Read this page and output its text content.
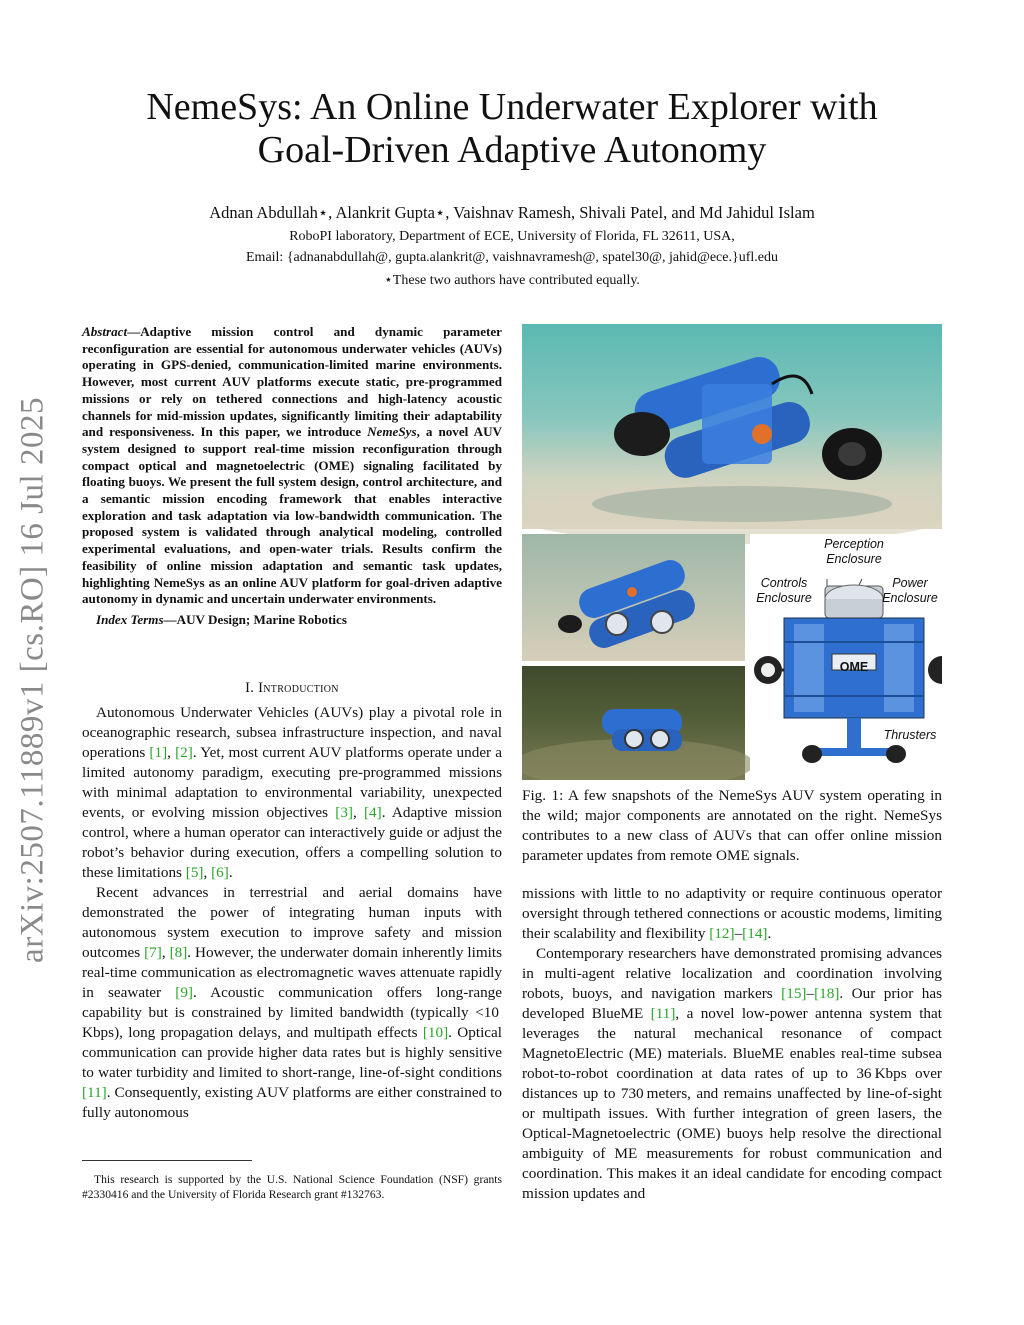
arXiv:2507.11889v1 [cs.RO] 16 Jul 2025
NemeSys: An Online Underwater Explorer with
Goal-Driven Adaptive Autonomy
Adnan Abdullah⋆, Alankrit Gupta⋆, Vaishnav Ramesh, Shivali Patel, and Md Jahidul Islam
RoboPI laboratory, Department of ECE, University of Florida, FL 32611, USA,
Email: {adnanabdullah@, gupta.alankrit@, vaishnavramesh@, spatel30@, jahid@ece.}ufl.edu
⋆These two authors have contributed equally.
Abstract—Adaptive mission control and dynamic parameter reconfiguration are essential for autonomous underwater vehicles (AUVs) operating in GPS-denied, communication-limited marine environments. However, most current AUV platforms execute static, pre-programmed missions or rely on tethered connections and high-latency acoustic channels for mid-mission updates, significantly limiting their adaptability and responsiveness. In this paper, we introduce NemeSys, a novel AUV system designed to support real-time mission reconfiguration through compact optical and magnetoelectric (OME) signaling facilitated by floating buoys. We present the full system design, control architecture, and a semantic mission encoding framework that enables interactive exploration and task adaptation via low-bandwidth communication. The proposed system is validated through analytical modeling, controlled experimental evaluations, and open-water trials. Results confirm the feasibility of online mission adaptation and semantic task updates, highlighting NemeSys as an online AUV platform for goal-driven adaptive autonomy in dynamic and uncertain underwater environments.
Index Terms—AUV Design; Marine Robotics
I. Introduction

Autonomous Underwater Vehicles (AUVs) play a pivotal role in oceanographic research, subsea infrastructure inspection, and naval operations [1], [2]. Yet, most current AUV platforms operate under a limited autonomy paradigm, executing pre-programmed missions with minimal adaptation to environmental variability, unexpected events, or evolving mission objectives [3], [4]. Adaptive mission control, where a human operator can interactively guide or adjust the robot’s behavior during execution, offers a compelling solution to these limitations [5], [6].

Recent advances in terrestrial and aerial domains have demonstrated the power of integrating human inputs with autonomous system execution to improve safety and mission outcomes [7], [8]. However, the underwater domain inherently limits real-time communication as electromagnetic waves attenuate rapidly in seawater [9]. Acoustic communication offers long-range capability but is constrained by limited bandwidth (typically <10 Kbps), long propagation delays, and multipath effects [10]. Optical communication can provide higher data rates but is highly sensitive to water turbidity and limited to short-range, line-of-sight conditions [11]. Consequently, existing AUV platforms are either constrained to fully autonomous

This research is supported by the U.S. National Science Foundation (NSF) grants #2330416 and the University of Florida Research grant #132763.
Perception Enclosure
Controls Enclosure
Power Enclosure
OME
Thrusters
Fig. 1: A few snapshots of the NemeSys AUV system operating in the wild; major components are annotated on the right. NemeSys contributes to a new class of AUVs that can offer online mission parameter updates from remote OME signals.

missions with little to no adaptivity or require continuous operator oversight through tethered connections or acoustic modems, limiting their scalability and flexibility [12]–[14].

Contemporary researchers have demonstrated promising advances in multi-agent relative localization and coordination involving robots, buoys, and navigation markers [15]–[18]. Our prior has developed BlueME [11], a novel low-power antenna system that leverages the natural mechanical resonance of compact MagnetoElectric (ME) materials. BlueME enables real-time subsea robot-to-robot coordination at data rates of up to 36 Kbps over distances up to 730 meters, and remains unaffected by line-of-sight or multipath issues. With further integration of green lasers, the Optical-Magnetoelectric (OME) buoys help resolve the directional ambiguity of ME measurements for robust communication and coordination. This makes it an ideal candidate for encoding compact mission updates and
